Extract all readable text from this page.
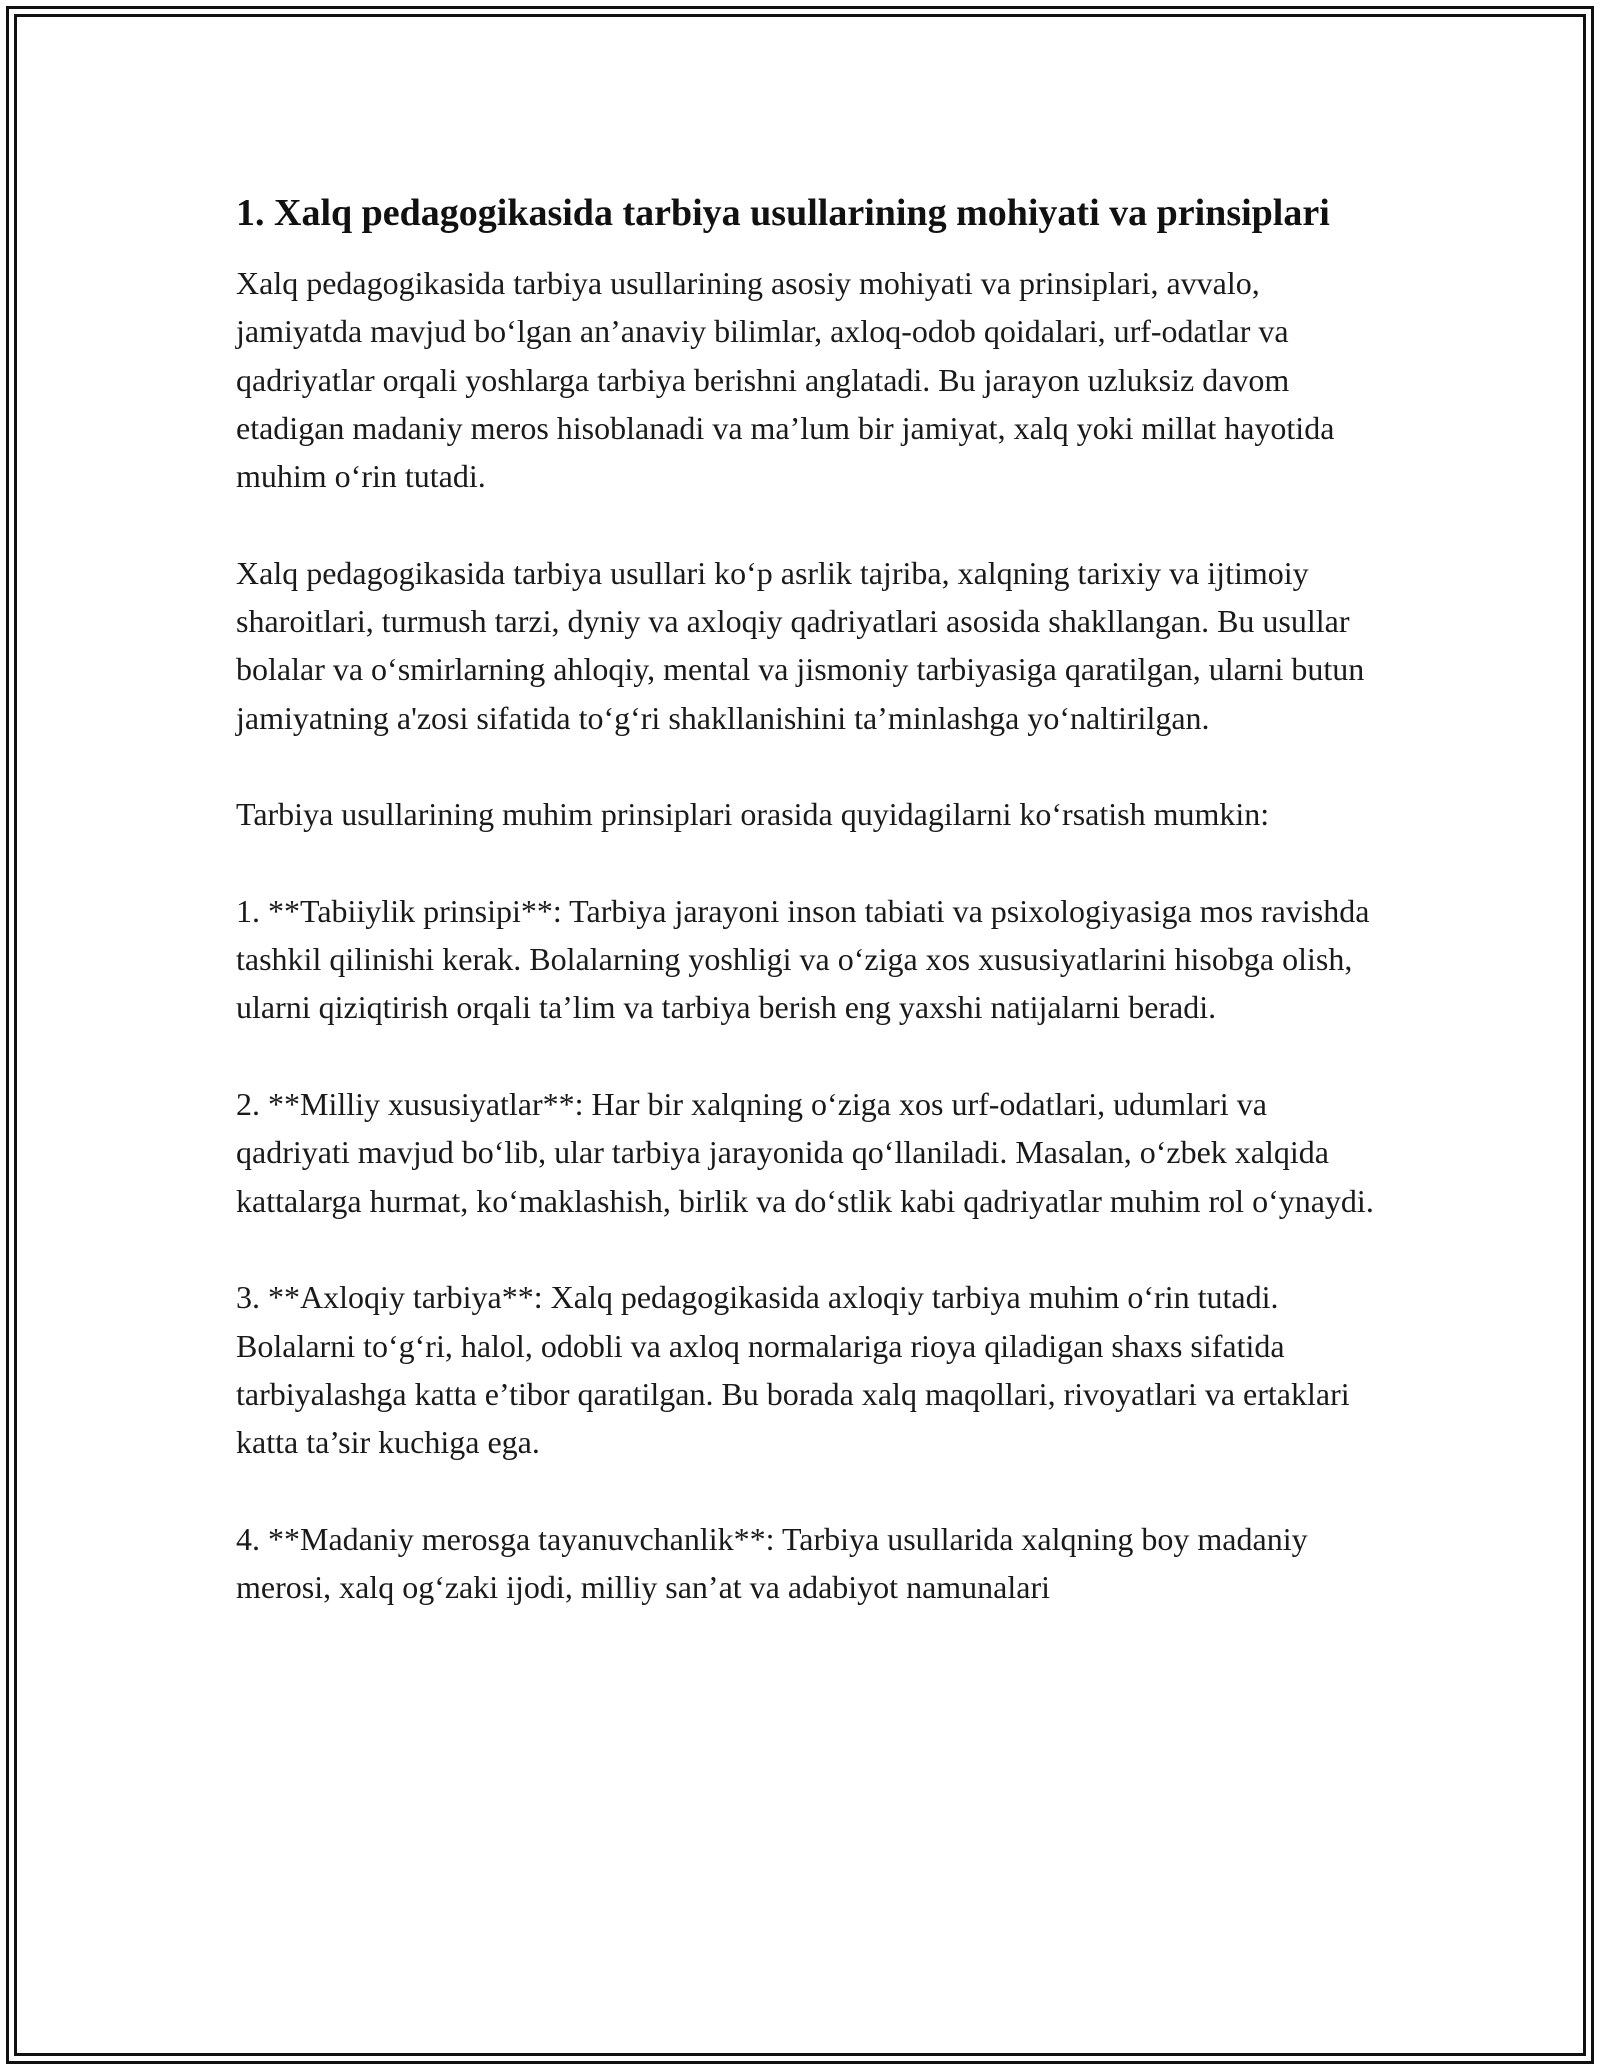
1. Xalq pedagogikasida tarbiya usullarining mohiyati va prinsiplari

Xalq pedagogikasida tarbiya usullarining asosiy mohiyati va prinsiplari, avvalo, jamiyatda mavjud boʻlgan an’anaviy bilimlar, axloq-odob qoidalari, urf-odatlar va qadriyatlar orqali yoshlarga tarbiya berishni anglatadi. Bu jarayon uzluksiz davom etadigan madaniy meros hisoblanadi va ma’lum bir jamiyat, xalq yoki millat hayotida muhim oʻrin tutadi.

Xalq pedagogikasida tarbiya usullari koʻp asrlik tajriba, xalqning tarixiy va ijtimoiy sharoitlari, turmush tarzi, dyniy va axloqiy qadriyatlari asosida shakllangan. Bu usullar bolalar va oʻsmirlarning ahloqiy, mental va jismoniy tarbiyasiga qaratilgan, ularni butun jamiyatning a'zosi sifatida toʻgʻri shakllanishini ta’minlashga yoʻnaltirilgan.

Tarbiya usullarining muhim prinsiplari orasida quyidagilarni koʻrsatish mumkin:

1. **Tabiiylik prinsipi**: Tarbiya jarayoni inson tabiati va psixologiyasiga mos ravishda tashkil qilinishi kerak. Bolalarning yoshligi va oʻziga xos xususiyatlarini hisobga olish, ularni qiziqtirish orqali ta’lim va tarbiya berish eng yaxshi natijalarni beradi.

2. **Milliy xususiyatlar**: Har bir xalqning oʻziga xos urf-odatlari, udumlari va qadriyati mavjud boʻlib, ular tarbiya jarayonida qoʻllaniladi. Masalan, oʻzbek xalqida kattalarga hurmat, koʻmaklashish, birlik va doʻstlik kabi qadriyatlar muhim rol oʻynaydi.

3. **Axloqiy tarbiya**: Xalq pedagogikasida axloqiy tarbiya muhim oʻrin tutadi. Bolalarni toʻgʻri, halol, odobli va axloq normalariga rioya qiladigan shaxs sifatida tarbiyalashga katta e’tibor qaratilgan. Bu borada xalq maqollari, rivoyatlari va ertaklari katta ta’sir kuchiga ega.

4. **Madaniy merosga tayanuvchanlik**: Tarbiya usullarida xalqning boy madaniy merosi, xalq ogʻzaki ijodi, milliy san’at va adabiyot namunalari
